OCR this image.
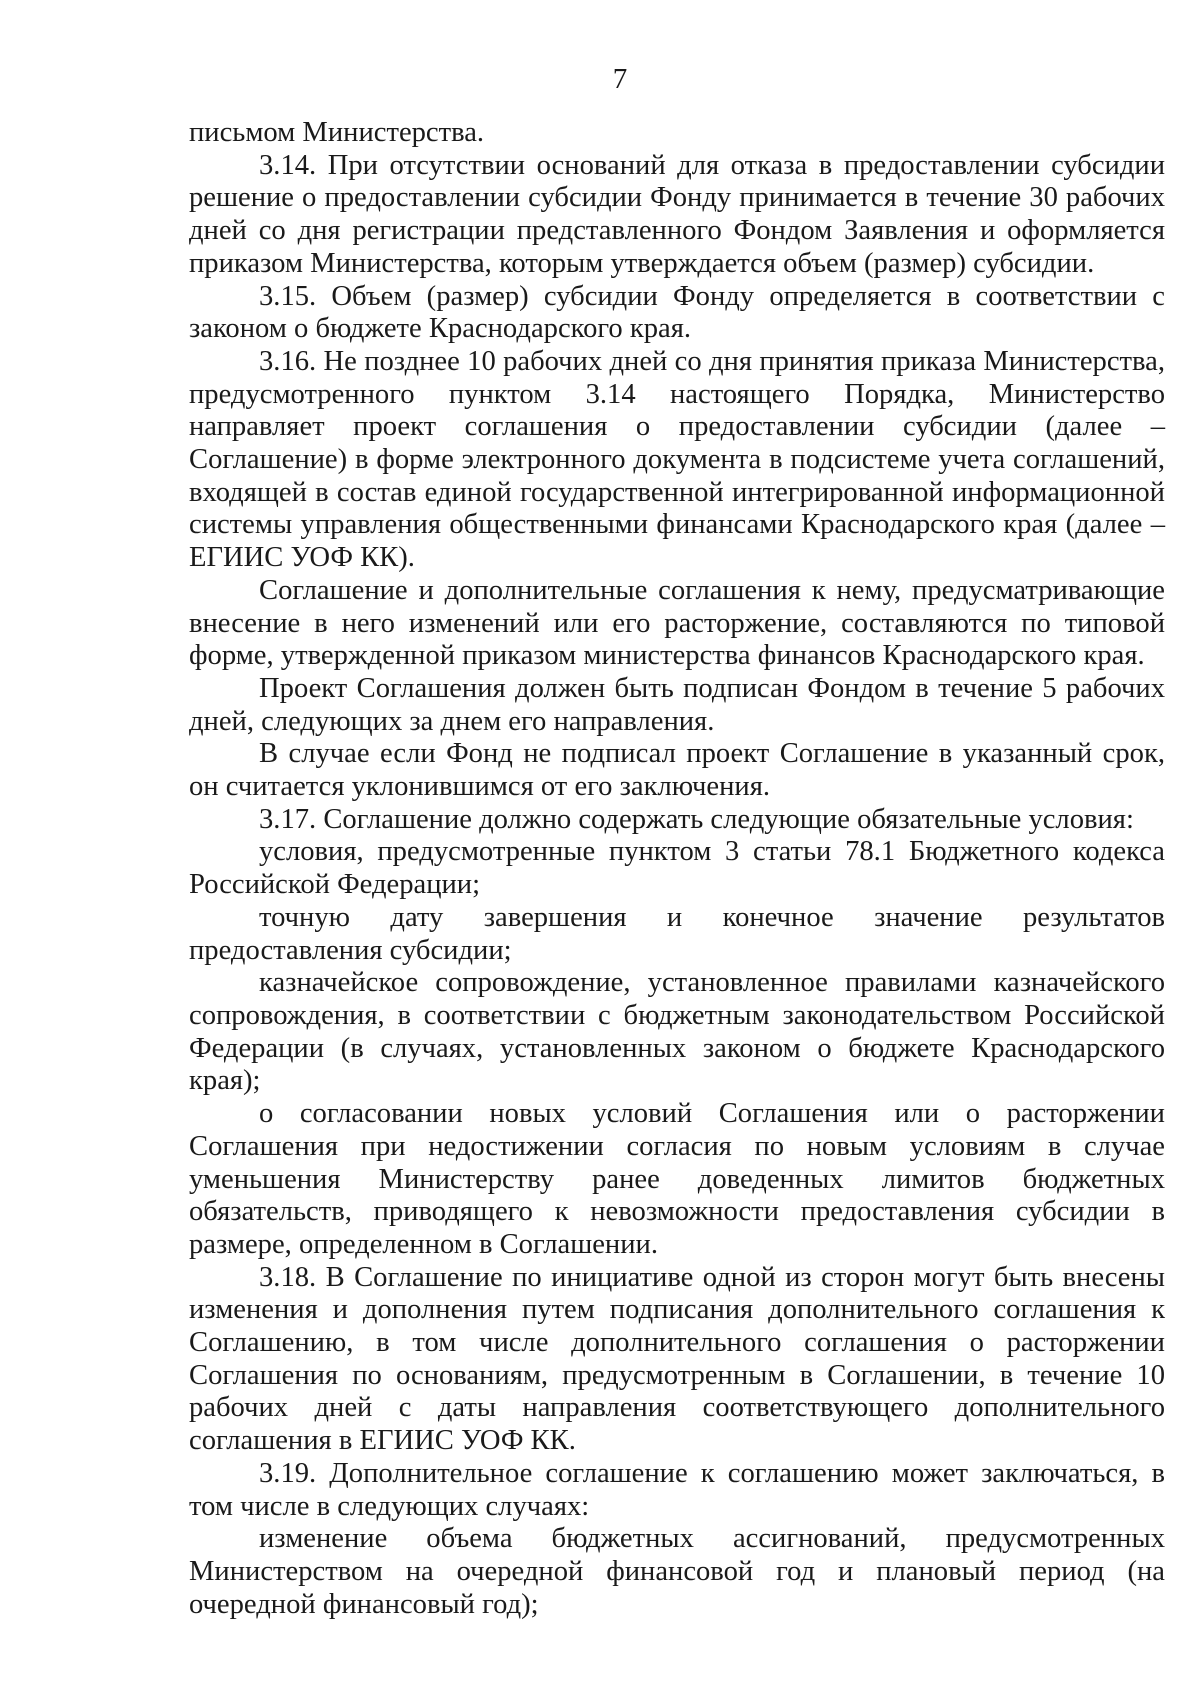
7

письмом Министерства.

3.14. При отсутствии оснований для отказа в предоставлении субсидии решение о предоставлении субсидии Фонду принимается в течение 30 рабочих дней со дня регистрации представленного Фондом Заявления и оформляется приказом Министерства, которым утверждается объем (размер) субсидии.

3.15. Объем (размер) субсидии Фонду определяется в соответствии с законом о бюджете Краснодарского края.

3.16. Не позднее 10 рабочих дней со дня принятия приказа Министерства, предусмотренного пунктом 3.14 настоящего Порядка, Министерство направляет проект соглашения о предоставлении субсидии (далее – Соглашение) в форме электронного документа в подсистеме учета соглашений, входящей в состав единой государственной интегрированной информационной системы управления общественными финансами Краснодарского края (далее – ЕГИИС УОФ КК).

Соглашение и дополнительные соглашения к нему, предусматривающие внесение в него изменений или его расторжение, составляются по типовой форме, утвержденной приказом министерства финансов Краснодарского края.

Проект Соглашения должен быть подписан Фондом в течение 5 рабочих дней, следующих за днем его направления.

В случае если Фонд не подписал проект Соглашение в указанный срок, он считается уклонившимся от его заключения.

3.17. Соглашение должно содержать следующие обязательные условия:

условия, предусмотренные пунктом 3 статьи 78.1 Бюджетного кодекса Российской Федерации;

точную дату завершения и конечное значение результатов предоставления субсидии;

казначейское сопровождение, установленное правилами казначейского сопровождения, в соответствии с бюджетным законодательством Российской Федерации (в случаях, установленных законом о бюджете Краснодарского края);

о согласовании новых условий Соглашения или о расторжении Соглашения при недостижении согласия по новым условиям в случае уменьшения Министерству ранее доведенных лимитов бюджетных обязательств, приводящего к невозможности предоставления субсидии в размере, определенном в Соглашении.

3.18. В Соглашение по инициативе одной из сторон могут быть внесены изменения и дополнения путем подписания дополнительного соглашения к Соглашению, в том числе дополнительного соглашения о расторжении Соглашения по основаниям, предусмотренным в Соглашении, в течение 10 рабочих дней с даты направления соответствующего дополнительного соглашения в ЕГИИС УОФ КК.

3.19. Дополнительное соглашение к соглашению может заключаться, в том числе в следующих случаях:

изменение объема бюджетных ассигнований, предусмотренных Министерством на очередной финансовой год и плановый период (на очередной финансовый год);
